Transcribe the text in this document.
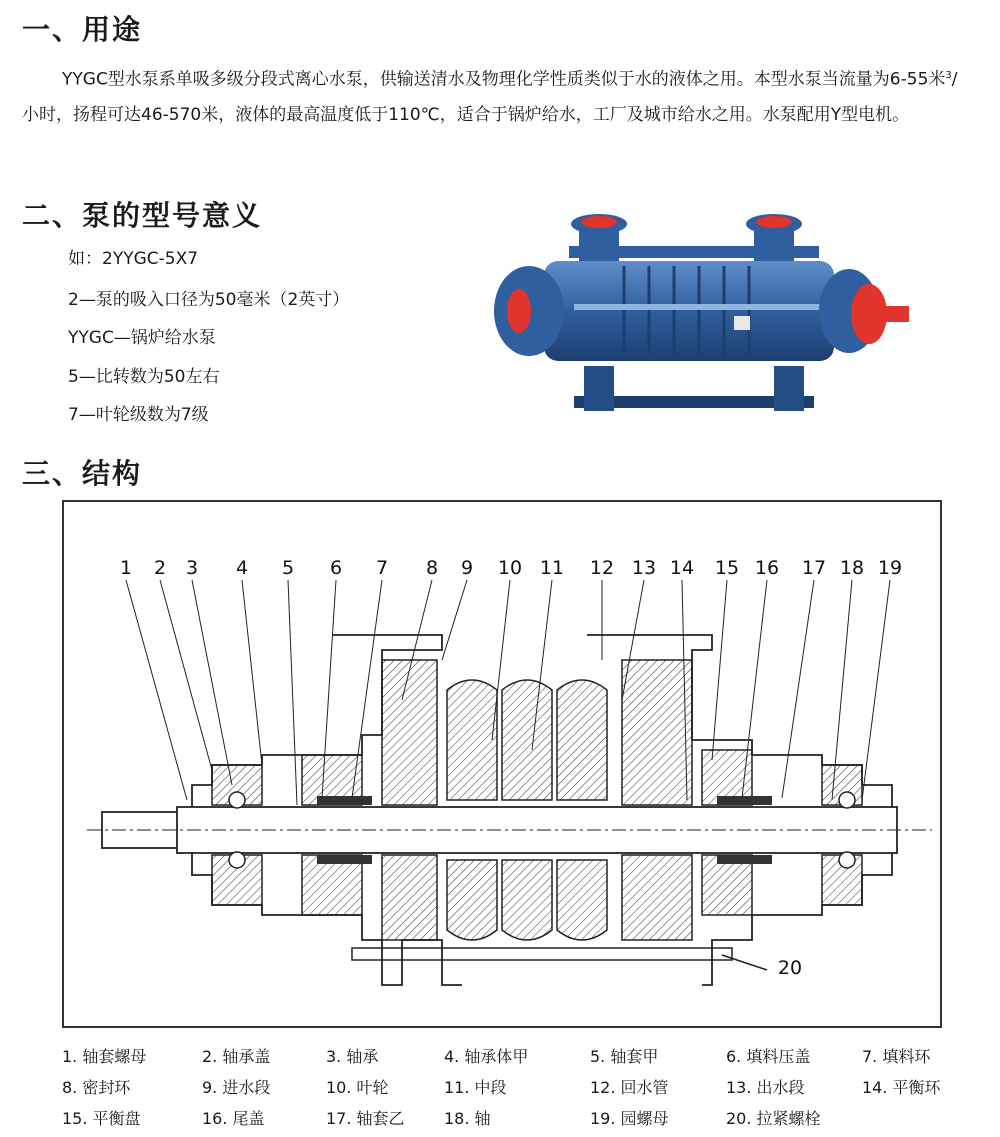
一、用途
YYGC型水泵系单吸多级分段式离心水泵，供输送清水及物理化学性质类似于水的液体之用。本型水泵当流量为6-55米$^3$/小时，扬程可达46-570米，液体的最高温度低于110℃，适合于锅炉给水，工厂及城市给水之用。水泵配用Y型电机。
二、泵的型号意义
如：2YYGC-5X7
2—泵的吸入口径为50毫米（2英寸）
YYGC—锅炉给水泵
5—比转数为50左右
7—叶轮级数为7级
三、结构
1 2 3 4 5 6 7 8 9 10 11 12 13 14 15 16 17 18 19
20
1. 轴套螺母	2. 轴承盖	3. 轴承	4. 轴承体甲	5. 轴套甲	6. 填料压盖	7. 填料环
8. 密封环	9. 进水段	10. 叶轮	11. 中段	12. 回水管	13. 出水段	14. 平衡环
15. 平衡盘	16. 尾盖	17. 轴套乙 18. 轴	19. 园螺母	20. 拉紧螺栓
